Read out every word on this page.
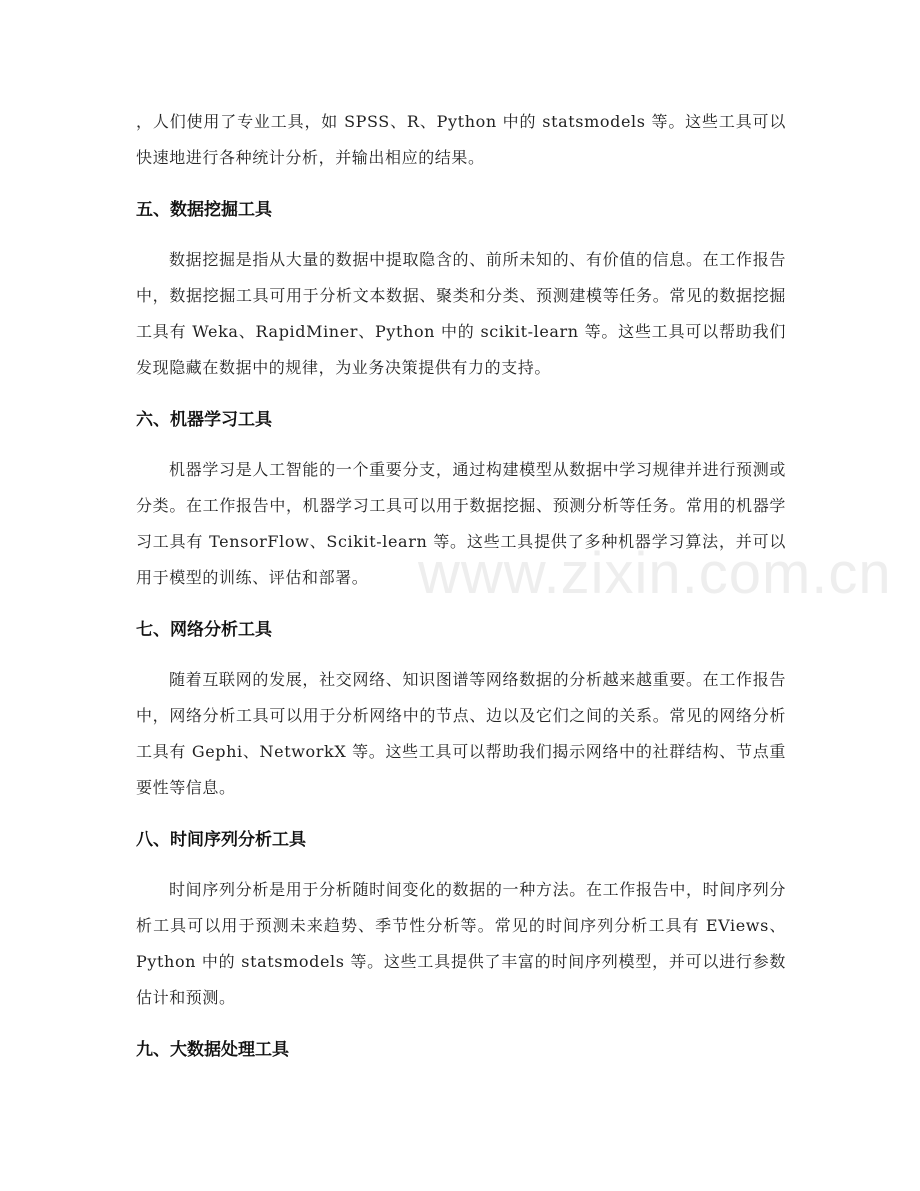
www.zixin.com.cn

，人们使用了专业工具，如 SPSS、R、Python 中的 statsmodels 等。这些工具可以快速地进行各种统计分析，并输出相应的结果。

五、数据挖掘工具

数据挖掘是指从大量的数据中提取隐含的、前所未知的、有价值的信息。在工作报告中，数据挖掘工具可用于分析文本数据、聚类和分类、预测建模等任务。常见的数据挖掘工具有 Weka、RapidMiner、Python 中的 scikit-learn 等。这些工具可以帮助我们发现隐藏在数据中的规律，为业务决策提供有力的支持。

六、机器学习工具

机器学习是人工智能的一个重要分支，通过构建模型从数据中学习规律并进行预测或分类。在工作报告中，机器学习工具可以用于数据挖掘、预测分析等任务。常用的机器学习工具有 TensorFlow、Scikit-learn 等。这些工具提供了多种机器学习算法，并可以用于模型的训练、评估和部署。

七、网络分析工具

随着互联网的发展，社交网络、知识图谱等网络数据的分析越来越重要。在工作报告中，网络分析工具可以用于分析网络中的节点、边以及它们之间的关系。常见的网络分析工具有 Gephi、NetworkX 等。这些工具可以帮助我们揭示网络中的社群结构、节点重要性等信息。

八、时间序列分析工具

时间序列分析是用于分析随时间变化的数据的一种方法。在工作报告中，时间序列分析工具可以用于预测未来趋势、季节性分析等。常见的时间序列分析工具有 EViews、Python 中的 statsmodels 等。这些工具提供了丰富的时间序列模型，并可以进行参数估计和预测。

九、大数据处理工具
